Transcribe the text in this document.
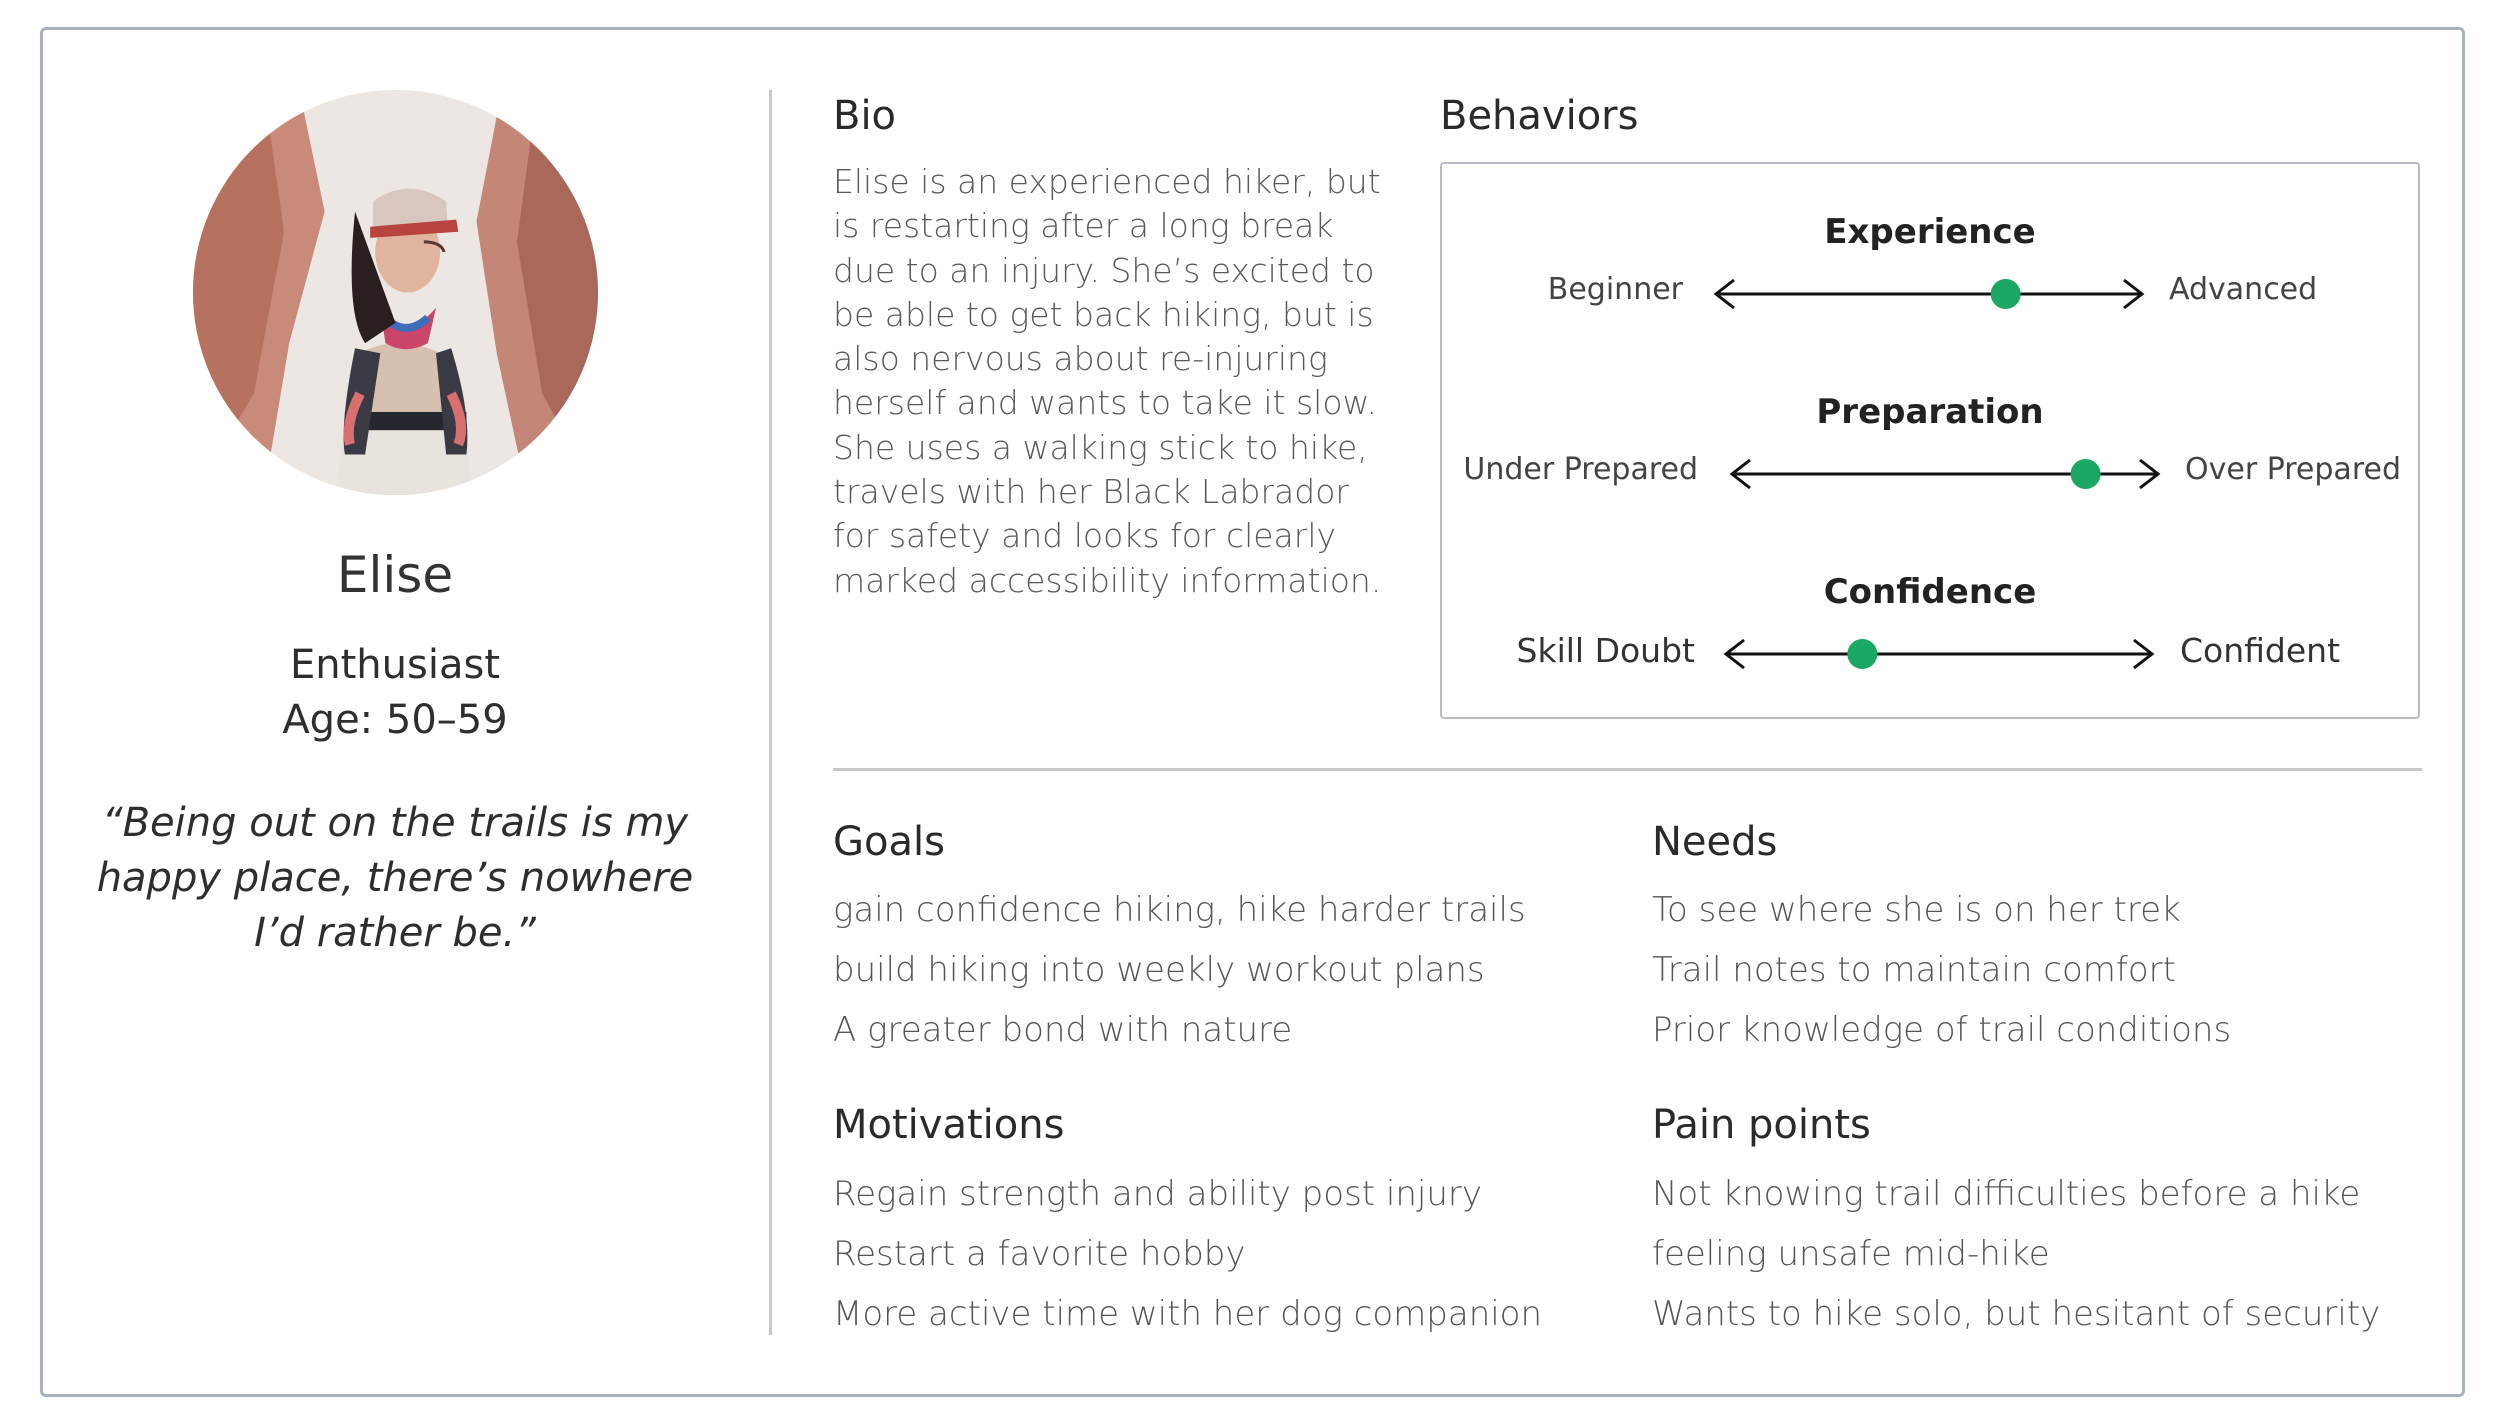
Elise
Enthusiast
Age: 50–59
“Being out on the trails is my happy place, there’s nowhere I’d rather be.”
Bio
Elise is an experienced hiker, but is restarting after a long break due to an injury. She’s excited to be able to get back hiking, but is also nervous about re-injuring herself and wants to take it slow. She uses a walking stick to hike, travels with her Black Labrador for safety and looks for clearly marked accessibility information.
Behaviors
Experience
Beginner	Advanced
Preparation
Under Prepared	Over Prepared
Confidence
Skill Doubt	Confident
Goals
gain confidence hiking, hike harder trails
build hiking into weekly workout plans
A greater bond with nature
Needs
To see where she is on her trek
Trail notes to maintain comfort
Prior knowledge of trail conditions
Motivations
Regain strength and ability post injury
Restart a favorite hobby
More active time with her dog companion
Pain points
Not knowing trail difficulties before a hike
feeling unsafe mid-hike
Wants to hike solo, but hesitant of security
